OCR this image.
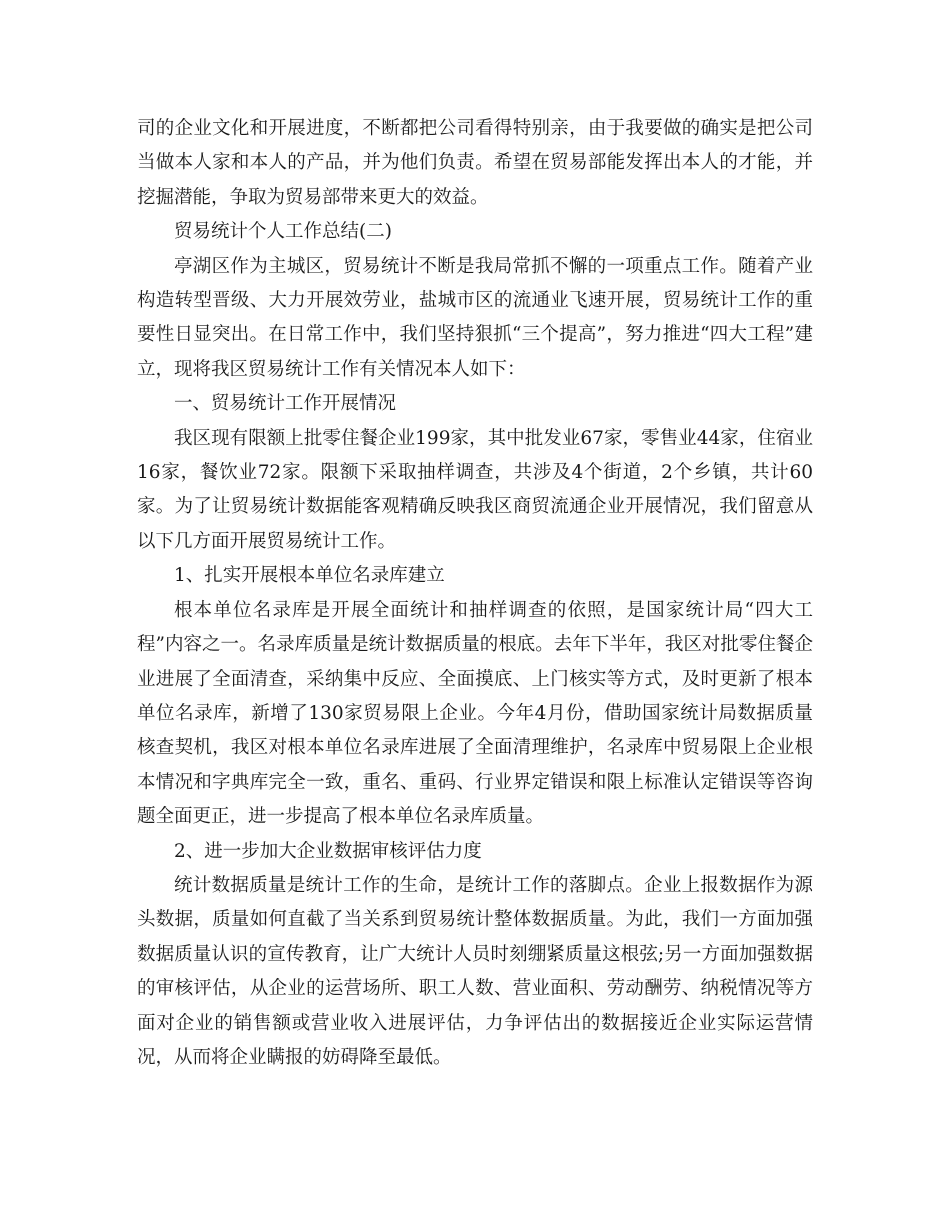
司的企业文化和开展进度，不断都把公司看得特别亲，由于我要做的确实是把公司当做本人家和本人的产品，并为他们负责。希望在贸易部能发挥出本人的才能，并挖掘潜能，争取为贸易部带来更大的效益。

贸易统计个人工作总结(二)

亭湖区作为主城区，贸易统计不断是我局常抓不懈的一项重点工作。随着产业构造转型晋级、大力开展效劳业，盐城市区的流通业飞速开展，贸易统计工作的重要性日显突出。在日常工作中，我们坚持狠抓“三个提高”，努力推进“四大工程”建立，现将我区贸易统计工作有关情况本人如下：

一、贸易统计工作开展情况

我区现有限额上批零住餐企业199家，其中批发业67家，零售业44家，住宿业16家，餐饮业72家。限额下采取抽样调查，共涉及4个街道，2个乡镇，共计60家。为了让贸易统计数据能客观精确反映我区商贸流通企业开展情况，我们留意从以下几方面开展贸易统计工作。

1、扎实开展根本单位名录库建立

根本单位名录库是开展全面统计和抽样调查的依照，是国家统计局“四大工程”内容之一。名录库质量是统计数据质量的根底。去年下半年，我区对批零住餐企业进展了全面清查，采纳集中反应、全面摸底、上门核实等方式，及时更新了根本单位名录库，新增了130家贸易限上企业。今年4月份，借助国家统计局数据质量核查契机，我区对根本单位名录库进展了全面清理维护，名录库中贸易限上企业根本情况和字典库完全一致，重名、重码、行业界定错误和限上标准认定错误等咨询题全面更正，进一步提高了根本单位名录库质量。

2、进一步加大企业数据审核评估力度

统计数据质量是统计工作的生命，是统计工作的落脚点。企业上报数据作为源头数据，质量如何直截了当关系到贸易统计整体数据质量。为此，我们一方面加强数据质量认识的宣传教育，让广大统计人员时刻绷紧质量这根弦;另一方面加强数据的审核评估，从企业的运营场所、职工人数、营业面积、劳动酬劳、纳税情况等方面对企业的销售额或营业收入进展评估，力争评估出的数据接近企业实际运营情况，从而将企业瞒报的妨碍降至最低。
